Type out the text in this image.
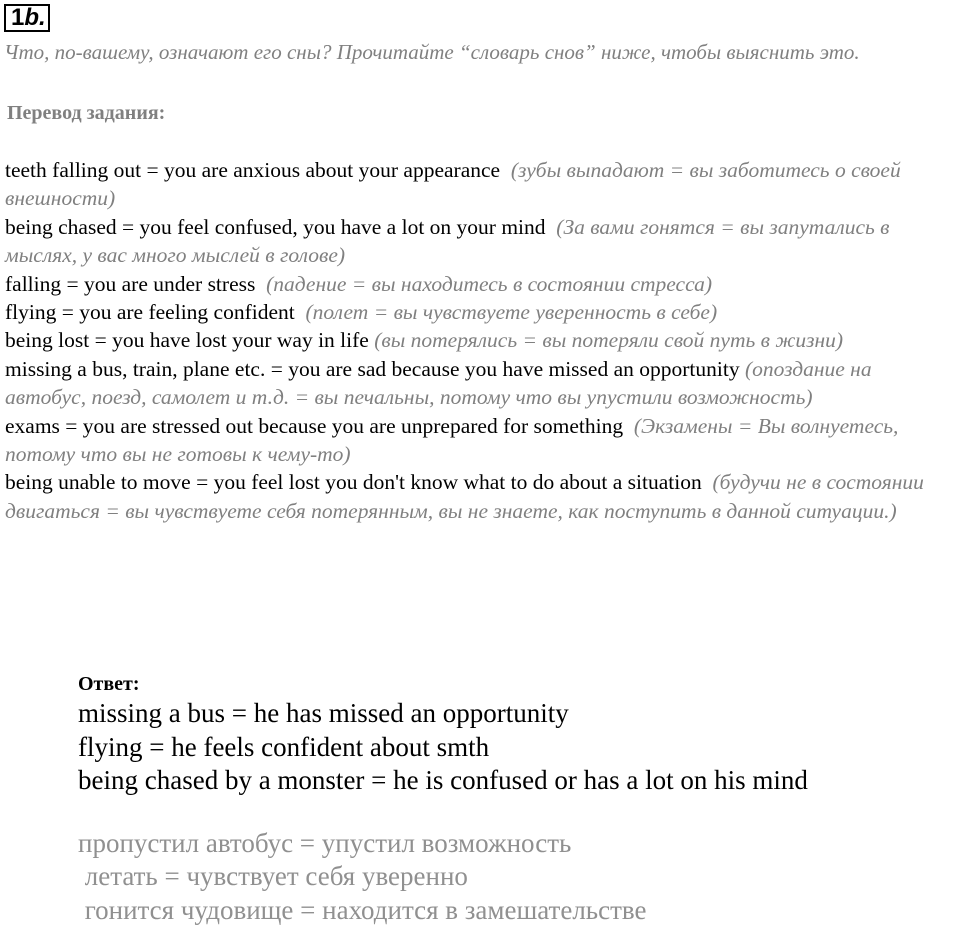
1b.
Что, по-вашему, означают его сны? Прочитайте “словарь снов” ниже, чтобы выяснить это.
Перевод задания:
teeth falling out = you are anxious about your appearance (зубы выпадают = вы заботитесь о своей внешности)
being chased = you feel confused, you have a lot on your mind (За вами гонятся = вы запутались в мыслях, у вас много мыслей в голове)
falling = you are under stress (падение = вы находитесь в состоянии стресса)
flying = you are feeling confident (полет = вы чувствуете уверенность в себе)
being lost = you have lost your way in life (вы потерялись = вы потеряли свой путь в жизни)
missing a bus, train, plane etc. = you are sad because you have missed an opportunity (опоздание на автобус, поезд, самолет и т.д. = вы печальны, потому что вы упустили возможность)
exams = you are stressed out because you are unprepared for something (Экзамены = Вы волнуетесь, потому что вы не готовы к чему-то)
being unable to move = you feel lost you don't know what to do about a situation (будучи не в состоянии двигаться = вы чувствуете себя потерянным, вы не знаете, как поступить в данной ситуации.)
Ответ:
missing a bus = he has missed an opportunity
flying = he feels confident about smth
being chased by a monster = he is confused or has a lot on his mind
пропустил автобус = упустил возможность
летать = чувствует себя уверенно
гонится чудовище = находится в замешательстве
